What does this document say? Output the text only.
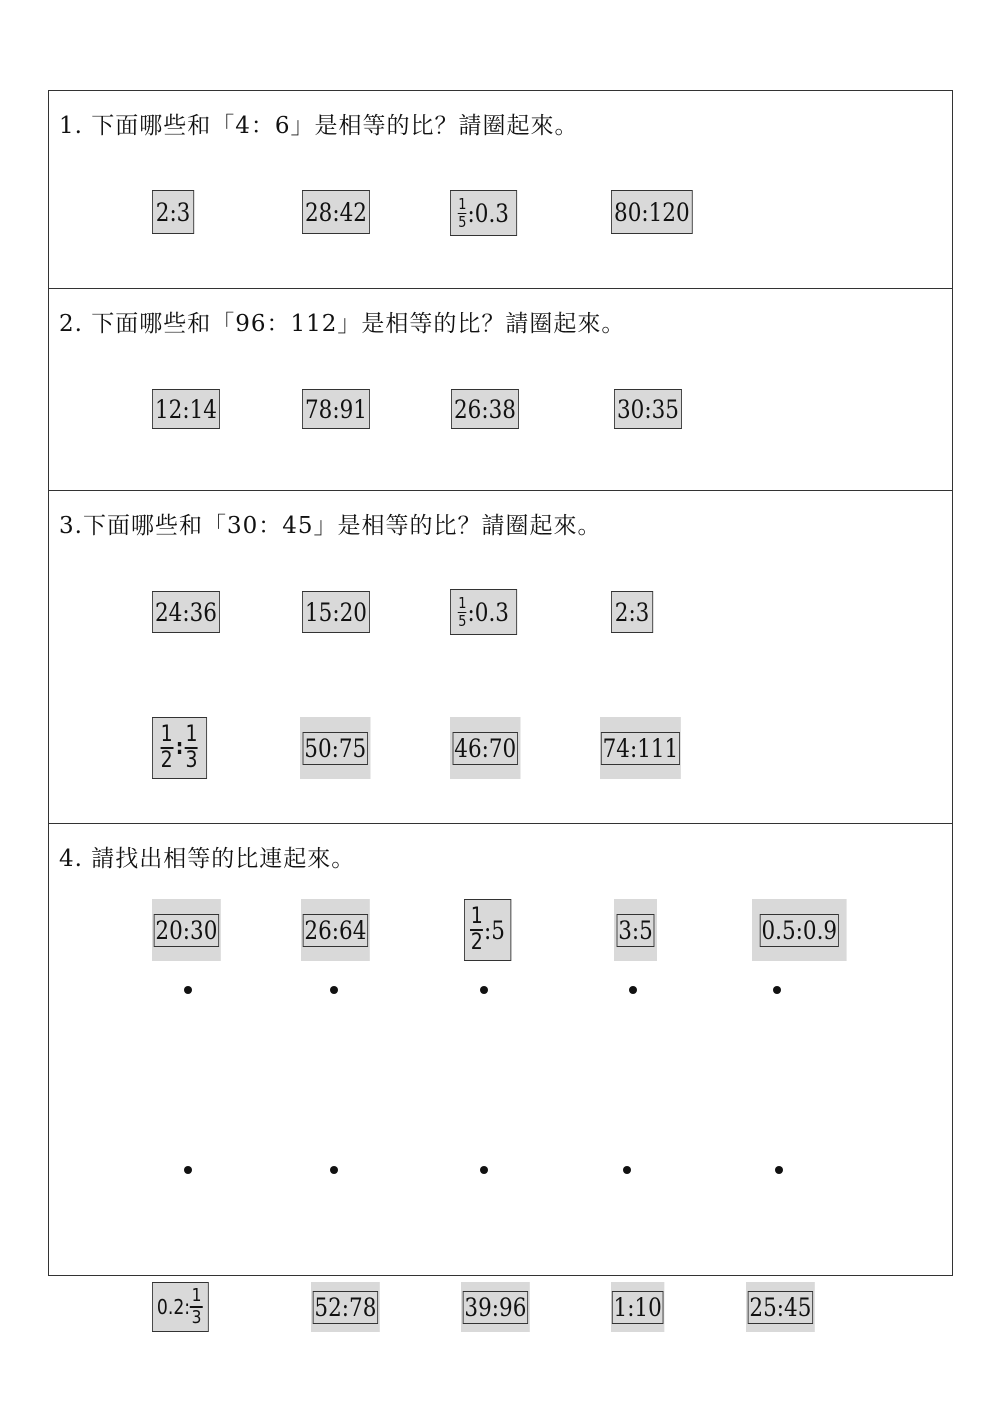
1. 下面哪些和「4：6」是相等的比？請圈起來。
2:3	28:42	$\frac{1}{5}$ :0.3	80:120
2. 下面哪些和「96：112」是相等的比？請圈起來。
12:14	78:91	26:38	30:35
3.下面哪些和「30：45」是相等的比？請圈起來。
24:36	15:20	$\frac{1}{5}$ :0.3	2:3
$\frac{1}{2}$ : $\frac{1}{3}$	50:75	46:70	74:111
4. 請找出相等的比連起來。
20:30	26:64	$\frac{1}{2}$ :5	3:5	0.5:0.9
0.2: $\frac{1}{3}$	52:78	39:96	1:10	25:45
